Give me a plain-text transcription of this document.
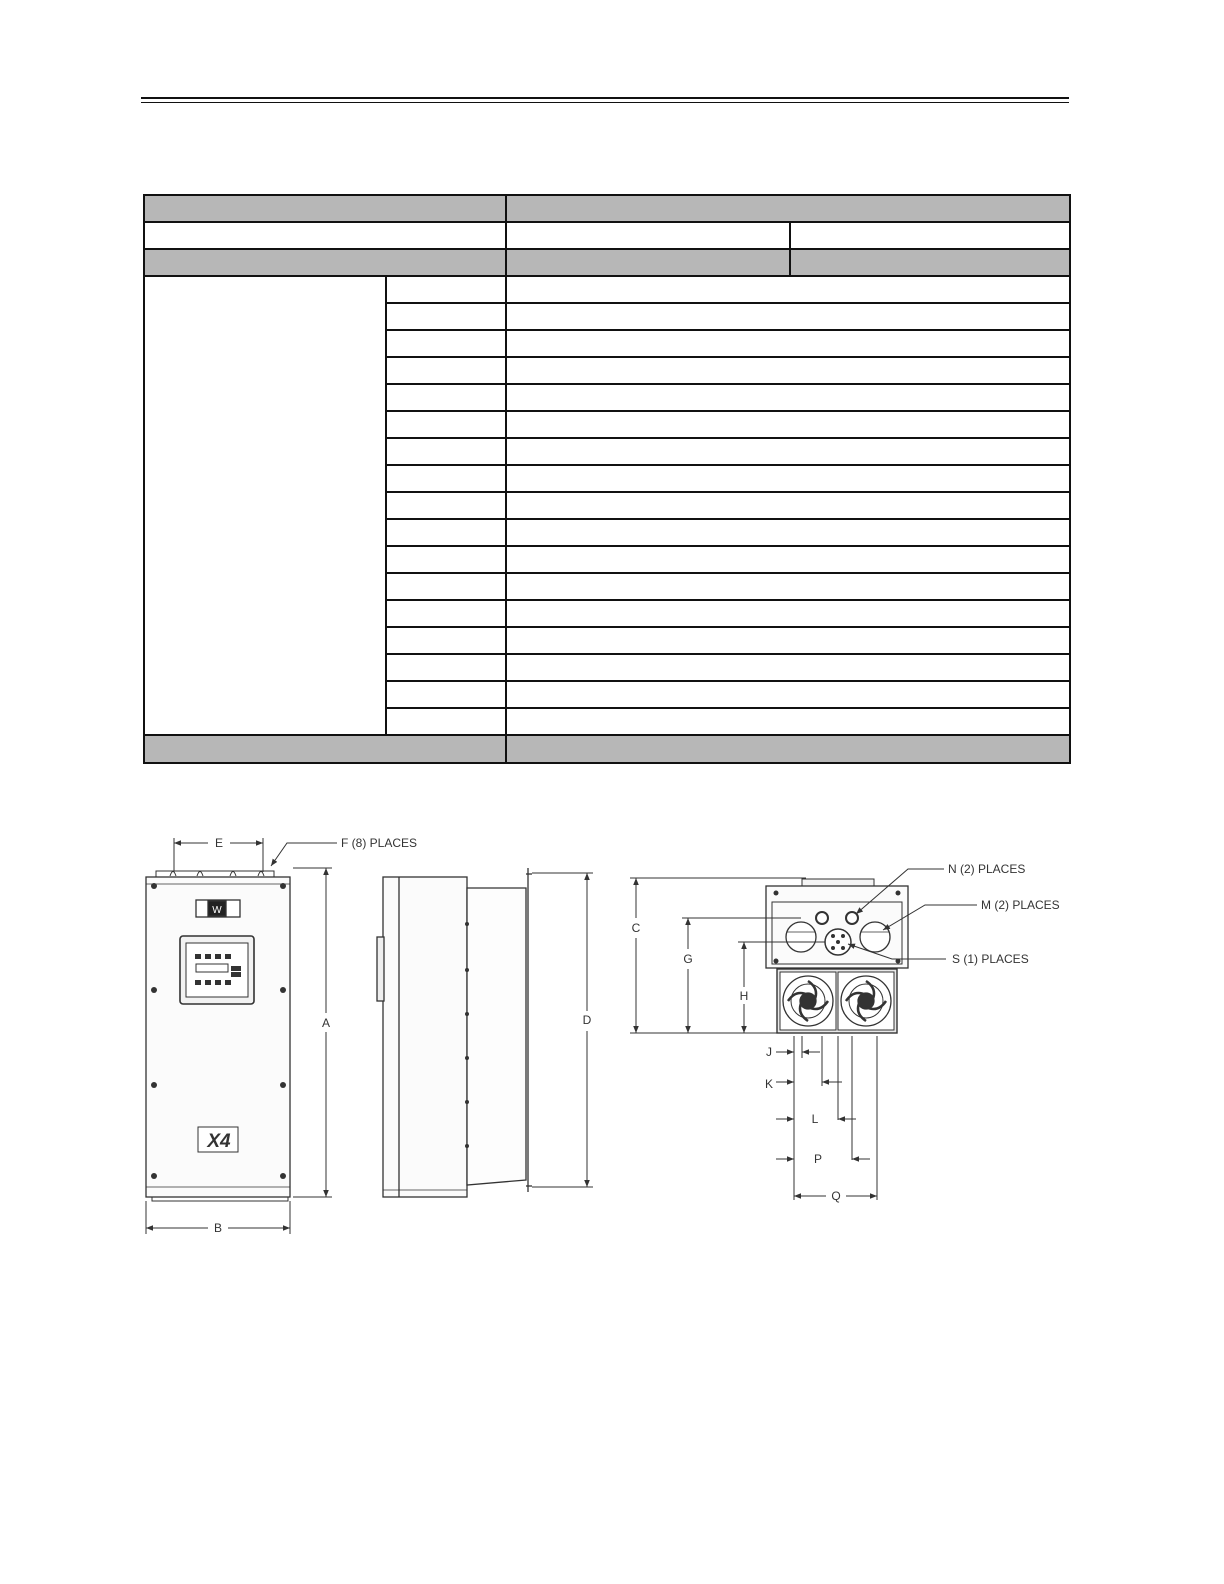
W
X4
E	F (8) PLACES
A
B
D
C
G
H
J
K
L
P
Q
N (2) PLACES
M (2) PLACES
S (1) PLACES
